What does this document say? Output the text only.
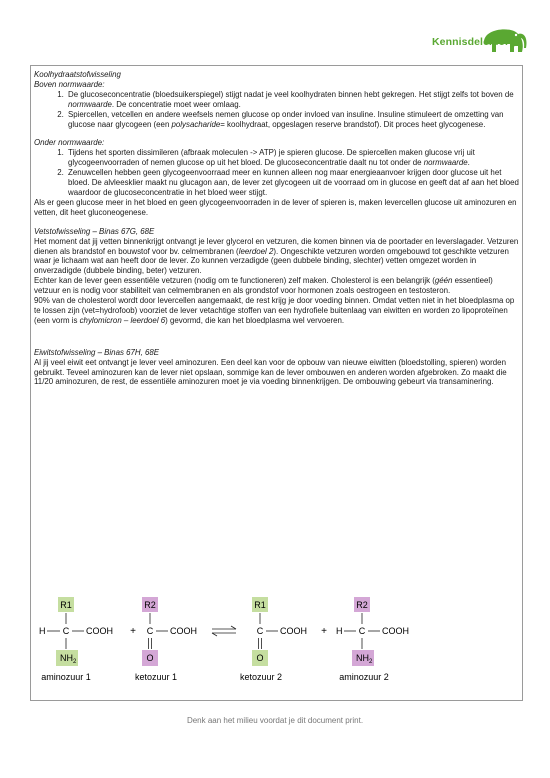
Kennisdelen.org

Koolhydraatstofwisseling

Boven normwaarde:

1. De glucoseconcentratie (bloedsuikerspiegel) stijgt nadat je veel koolhydraten binnen hebt gekregen. Het stijgt zelfs tot boven de normwaarde. De concentratie moet weer omlaag.
2. Spiercellen, vetcellen en andere weefsels nemen glucose op onder invloed van insuline. Insuline stimuleert de omzetting van glucose naar glycogeen (een polysacharide= koolhydraat, opgeslagen reserve brandstof). Dit proces heet glycogenese.

Onder normwaarde:

1. Tijdens het sporten dissimileren (afbraak moleculen -> ATP) je spieren glucose. De spiercellen maken glucose vrij uit glycogeenvoorraden of nemen glucose op uit het bloed. De glucoseconcentratie daalt nu tot onder de normwaarde.
2. Zenuwcellen hebben geen glycogeenvoorraad meer en kunnen alleen nog maar energieaanvoer krijgen door glucose uit het bloed. De alvleesklier maakt nu glucagon aan, de lever zet glycogeen uit de voorraad om in glucose en geeft dat af aan het bloed waardoor de glucoseconcentratie in het bloed weer stijgt.

Als er geen glucose meer in het bloed en geen glycogeenvoorraden in de lever of spieren is, maken levercellen glucose uit aminozuren en vetten, dit heet gluconeogenese.

Vetstofwisseling – Binas 67G, 68E

Het moment dat jij vetten binnenkrijgt ontvangt je lever glycerol en vetzuren, die komen binnen via de poortader en leverslagader. Vetzuren dienen als brandstof en bouwstof voor bv. celmembranen (leerdoel 2). Ongeschikte vetzuren worden omgebouwd tot geschikte vetzuren waar je lichaam wat aan heeft door de lever. Zo kunnen verzadigde (geen dubbele binding, slechter) vetten omgezet worden in onverzadigde (dubbele binding, beter) vetzuren.

Echter kan de lever geen essentiële vetzuren (nodig om te functioneren) zelf maken. Cholesterol is een belangrijk (géén essentieel) vetzuur en is nodig voor stabiliteit van celmembranen en als grondstof voor hormonen zoals oestrogeen en testosteron.

90% van de cholesterol wordt door levercellen aangemaakt, de rest krijg je door voeding binnen. Omdat vetten niet in het bloedplasma op te lossen zijn (vet=hydrofoob) voorziet de lever vetachtige stoffen van een hydrofiele buitenlaag van eiwitten en worden zo lipoproteïnen (een vorm is chylomicron – leerdoel 6) gevormd, die kan het bloedplasma wel vervoeren.

Eiwitstofwisseling – Binas 67H, 68E

Al jij veel eiwit eet ontvangt je lever veel aminozuren. Een deel kan voor de opbouw van nieuwe eiwitten (bloedstolling, spieren) worden gebruikt. Teveel aminozuren kan de lever niet opslaan, sommige kan de lever ombouwen en anderen worden afgebroken. Zo maakt die 11/20 aminozuren, de rest, de essentiële aminozuren moet je via voeding binnenkrijgen. De ombouwing gebeurt via transaminering.

R1
H C COOH
$NH_2$
aminozuur 1
+
R2
C COOH
O
ketozuur 1
R1
C COOH
O
ketozuur 2
+
R2
H C COOH
$NH_2$
aminozuur 2
Denk aan het milieu voordat je dit document print.
